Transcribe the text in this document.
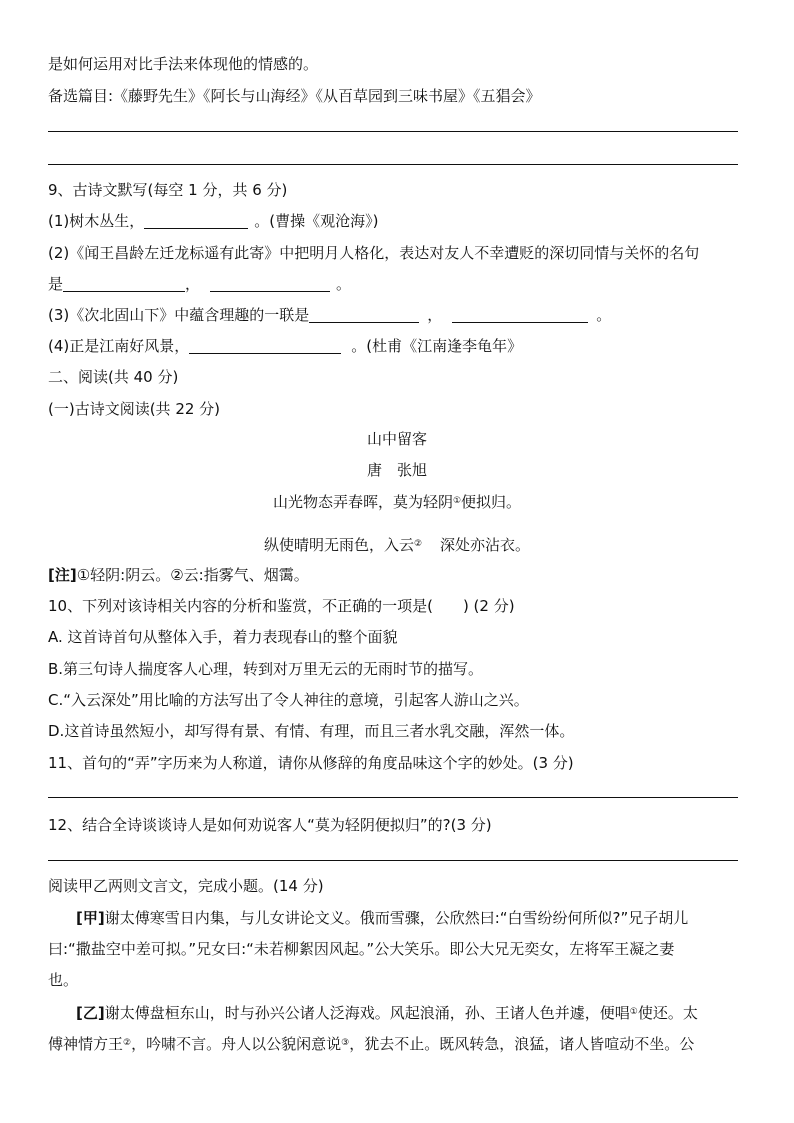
是如何运用对比手法来体现他的情感的。
备选篇目:《藤野先生》《阿长与山海经》《从百草园到三味书屋》《五猖会》
9、古诗文默写(每空 1 分，共 6 分)
(1)树木丛生，	。(曹操《观沧海》)
(2)《闻王昌龄左迁龙标遥有此寄》中把明月人格化，表达对友人不幸遭贬的深切同情与关怀的名句
是	，	。
(3)《次北固山下》中蕴含理趣的一联是	，	。
(4)正是江南好风景，	。(杜甫《江南逢李龟年》
二、阅读(共 40 分)
(一)古诗文阅读(共 22 分)
山中留客
唐　张旭
山光物态弄春晖，莫为轻阴①便拟归。
纵使晴明无雨色，入云② 深处亦沾衣。
[注]①轻阴:阴云。②云:指雾气、烟霭。
10、下列对该诗相关内容的分析和鉴赏，不正确的一项是(　　) (2 分)
A. 这首诗首句从整体入手，着力表现春山的整个面貌
B.第三句诗人揣度客人心理，转到对万里无云的无雨时节的描写。
C.“入云深处”用比喻的方法写出了令人神往的意境，引起客人游山之兴。
D.这首诗虽然短小，却写得有景、有情、有理，而且三者水乳交融，浑然一体。
11、首句的“弄”字历来为人称道，请你从修辞的角度品味这个字的妙处。(3 分)
12、结合全诗谈谈诗人是如何劝说客人“莫为轻阴便拟归”的?(3 分)
阅读甲乙两则文言文，完成小题。(14 分)
[甲]谢太傅寒雪日内集，与儿女讲论文义。俄而雪骤，公欣然曰:“白雪纷纷何所似?”兄子胡儿
曰:“撒盐空中差可拟。”兄女曰:“未若柳絮因风起。”公大笑乐。即公大兄无奕女，左将军王凝之妻
也。
[乙]谢太傅盘桓东山，时与孙兴公诸人泛海戏。风起浪涌，孙、王诸人色并遽，便唱①使还。太
傅神情方王②，吟啸不言。舟人以公貌闲意说③，犹去不止。既风转急，浪猛，诸人皆喧动不坐。公
